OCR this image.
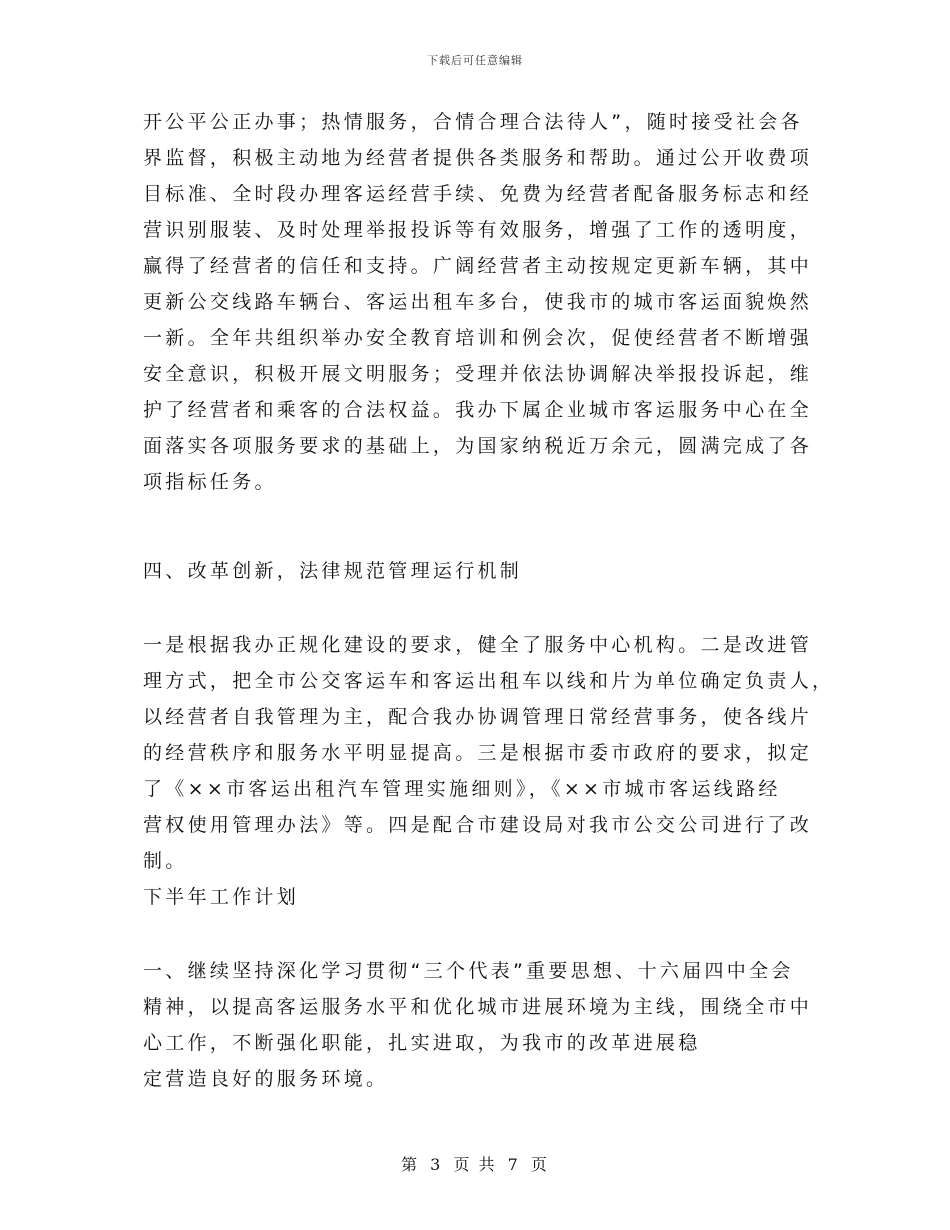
下载后可任意编辑
开公平公正办事；热情服务，合情合理合法待人”，随时接受社会各
界监督，积极主动地为经营者提供各类服务和帮助。通过公开收费项
目标准、全时段办理客运经营手续、免费为经营者配备服务标志和经
营识别服装、及时处理举报投诉等有效服务，增强了工作的透明度，
赢得了经营者的信任和支持。广阔经营者主动按规定更新车辆，其中
更新公交线路车辆台、客运出租车多台，使我市的城市客运面貌焕然
一新。全年共组织举办安全教育培训和例会次，促使经营者不断增强
安全意识，积极开展文明服务；受理并依法协调解决举报投诉起，维
护了经营者和乘客的合法权益。我办下属企业城市客运服务中心在全
面落实各项服务要求的基础上，为国家纳税近万余元，圆满完成了各
项指标任务。
四、改革创新，法律规范管理运行机制
一是根据我办正规化建设的要求，健全了服务中心机构。二是改进管
理方式，把全市公交客运车和客运出租车以线和片为单位确定负责人，
以经营者自我管理为主，配合我办协调管理日常经营事务，使各线片
的经营秩序和服务水平明显提高。三是根据市委市政府的要求，拟定
了《××市客运出租汽车管理实施细则》，《××市城市客运线路经
营权使用管理办法》等。四是配合市建设局对我市公交公司进行了改
制。
下半年工作计划
一、继续坚持深化学习贯彻“三个代表”重要思想、十六届四中全会
精神，以提高客运服务水平和优化城市进展环境为主线，围绕全市中
心工作，不断强化职能，扎实进取，为我市的改革进展稳
定营造良好的服务环境。
第 3 页 共 7 页
